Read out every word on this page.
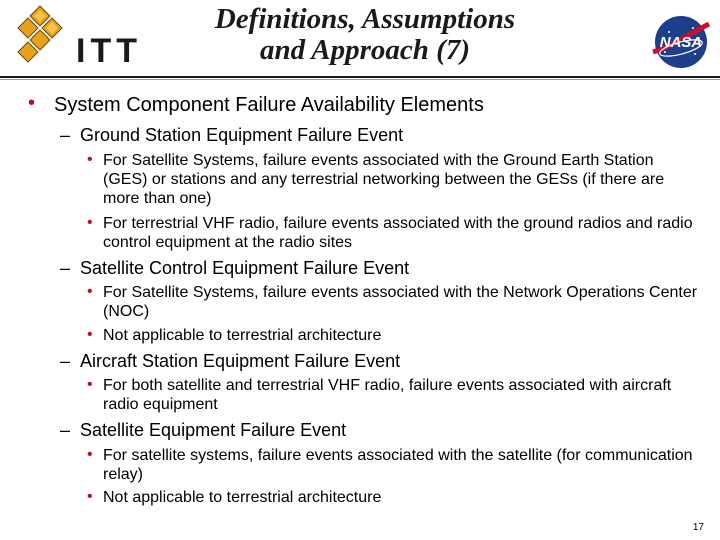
ITT
Definitions, Assumptions and Approach (7)	NASA
• System Component Failure Availability Elements
– Ground Station Equipment Failure Event
• For Satellite Systems, failure events associated with the Ground Earth Station (GES) or stations and any terrestrial networking between the GESs (if there are more than one)
• For terrestrial VHF radio, failure events associated with the ground radios and radio control equipment at the radio sites
– Satellite Control Equipment Failure Event
• For Satellite Systems, failure events associated with the Network Operations Center (NOC)
• Not applicable to terrestrial architecture
– Aircraft Station Equipment Failure Event
• For both satellite and terrestrial VHF radio, failure events associated with aircraft radio equipment
– Satellite Equipment Failure Event
• For satellite systems, failure events associated with the satellite (for communication relay)
• Not applicable to terrestrial architecture
17
